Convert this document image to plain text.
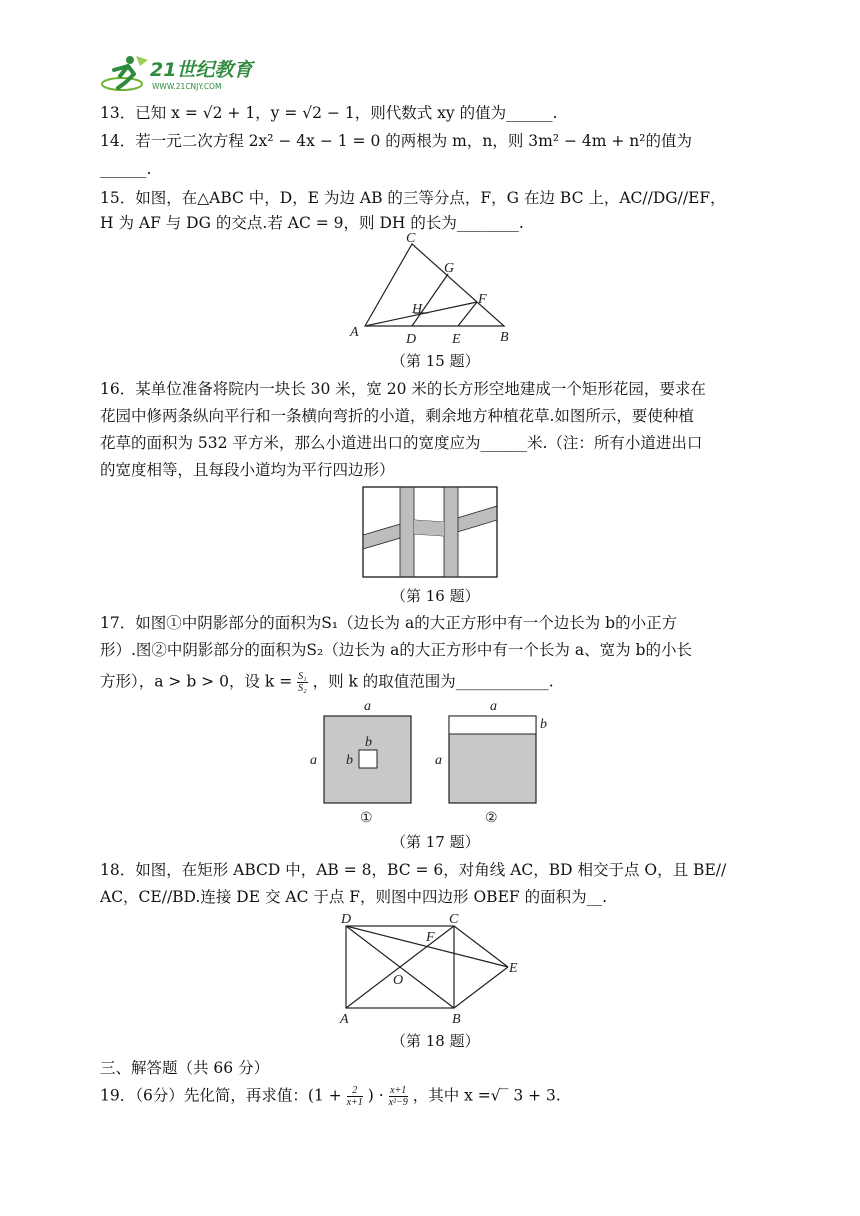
21世纪教育
WWW.21CNJY.COM
13．已知 x = √2 + 1，y = √2 − 1，则代数式 xy 的值为______.
14．若一元二次方程 2x² − 4x − 1 = 0 的两根为 m，n，则 3m² − 4m + n²的值为
______.
15．如图，在△ABC 中，D，E 为边 AB 的三等分点，F，G 在边 BC 上，AC//DG//EF，
H 为 AF 与 DG 的交点.若 AC = 9，则 DH 的长为________.
C
G
H
F
A	D	E	B
（第 15 题）
16．某单位准备将院内一块长 30 米，宽 20 米的长方形空地建成一个矩形花园，要求在
花园中修两条纵向平行和一条横向弯折的小道，剩余地方种植花草.如图所示，要使种植
花草的面积为 532 平方米，那么小道进出口的宽度应为______米.（注：所有小道进出口
的宽度相等，且每段小道均为平行四边形）
（第 16 题）
17．如图①中阴影部分的面积为S₁（边长为 a的大正方形中有一个边长为 b的小正方
形）.图②中阴影部分的面积为S₂（边长为 a的大正方形中有一个长为 a、宽为 b的小长
方形），a > b > 0，设 $k = \frac{\text{S₁}}{\text{S₂}}$ ，则 k 的取值范围为____________.
a
a
b
b
a
b
a
①	②
（第 17 题）
18．如图，在矩形 ABCD 中，AB = 8，BC = 6，对角线 AC，BD 相交于点 O，且 BE//
AC，CE//BD.连接 DE 交 AC 于点 F，则图中四边形 OBEF 的面积为__.
D	C
F
O
E
A	B
（第 18 题）
三、解答题（共 66 分）
19．（6分）先化简，再求值：($1 + \frac{2}{x+1}$ ) · $\frac{x+1}{\text{x²−9}}$ ，其中 x =√‾ 3 + 3.
